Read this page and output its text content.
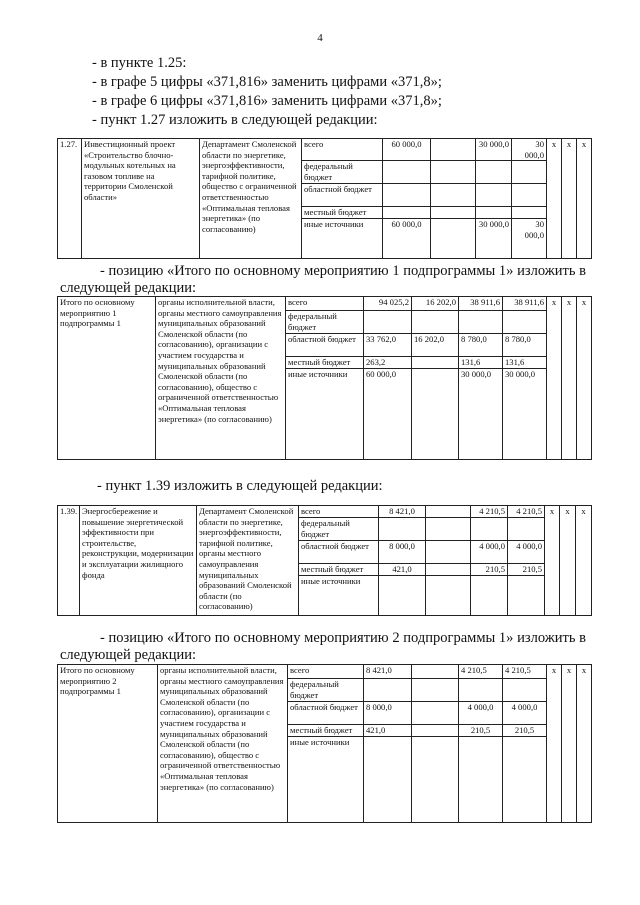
4
- в пункте 1.25:
- в графе 5 цифры «371,816» заменить цифрами «371,8»;
- в графе 6 цифры «371,816» заменить цифрами «371,8»;
- пункт 1.27 изложить в следующей редакции:
1.27.	Инвестиционный проект «Строительство блочно-модульных котельных на газовом топливе на территории Смоленской области»	Департамент Смоленской области по энергетике, энергоэффективности, тарифной политике, общество с ограниченной ответственностью «Оптимальная тепловая энергетика» (по согласованию)	всего	60 000,0		30 000,0	30 000,0	x	x	x
			федеральный бюджет							
			областной бюджет							
			местный бюджет							
			иные источники	60 000,0		30 000,0	30 000,0			
- позицию «Итого по основному мероприятию 1 подпрограммы 1» изложить в следующей редакции:
Итого по основному мероприятию 1 подпрограммы 1	органы исполнительной власти, органы местного самоуправления муниципальных образований Смоленской области (по согласованию), организации с участием государства и муниципальных образований Смоленской области (по согласованию), общество с ограниченной ответственностью «Оптимальная тепловая энергетика» (по согласованию)	всего	94 025,2	16 202,0	38 911,6	38 911,6	x	x	x
		федеральный бюджет							
		областной бюджет	33 762,0	16 202,0	8 780,0	8 780,0			
		местный бюджет	263,2		131,6	131,6			
		иные источники	60 000,0		30 000,0	30 000,0			
- пункт 1.39 изложить в следующей редакции:
1.39.	Энергосбережение и повышение энергетической эффективности при строительстве, реконструкции, модернизации и эксплуатации жилищного фонда	Департамент Смоленской области по энергетике, энергоэффективности, тарифной политике, органы местного самоуправления муниципальных образований Смоленской области (по согласованию)	всего	8 421,0		4 210,5	4 210,5	x	x	x
			федеральный бюджет							
			областной бюджет	8 000,0		4 000,0	4 000,0			
			местный бюджет	421,0		210,5	210,5			
			иные источники							
- позицию «Итого по основному мероприятию 2 подпрограммы 1» изложить в следующей редакции:
Итого по основному мероприятию 2 подпрограммы 1	органы исполнительной власти, органы местного самоуправления муниципальных образований Смоленской области (по согласованию), организации с участием государства и муниципальных образований Смоленской области (по согласованию), общество с ограниченной ответственностью «Оптимальная тепловая энергетика» (по согласованию)	всего	8 421,0		4 210,5	4 210,5	x	x	x
		федеральный бюджет							
		областной бюджет	8 000,0		4 000,0	4 000,0			
		местный бюджет	421,0		210,5	210,5			
		иные источники							
